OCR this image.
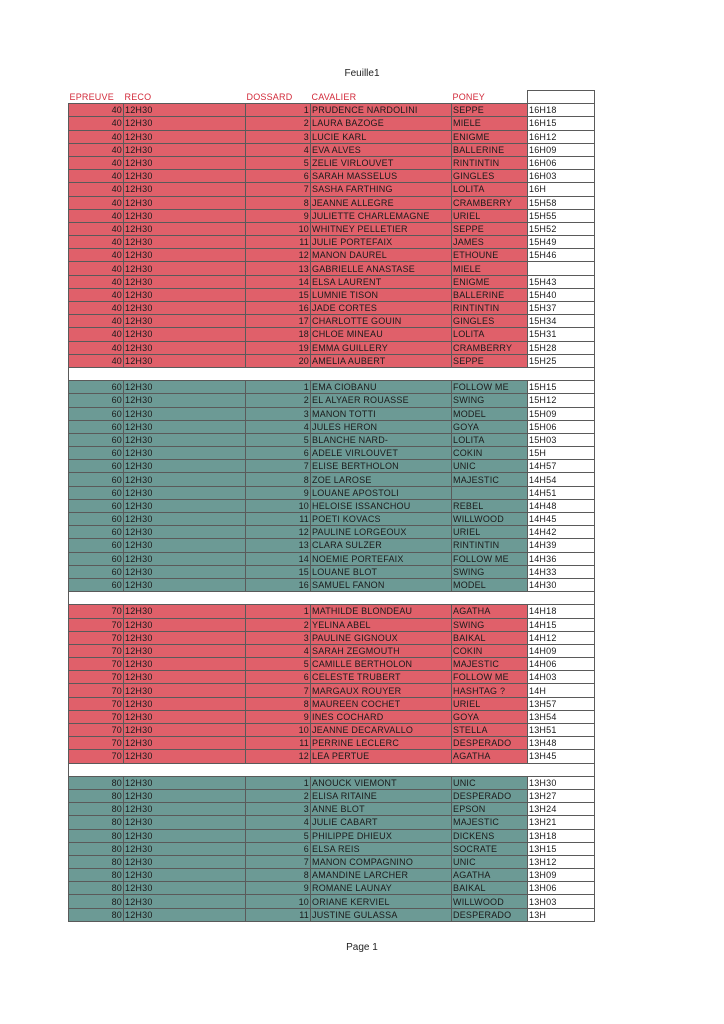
Feuille1
EPREUVE	RECO	DOSSARD	CAVALIER	PONEY	
40	12H30	1	PRUDENCE NARDOLINI	SEPPE	16H18
40	12H30	2	LAURA BAZOGE	MIELE	16H15
40	12H30	3	LUCIE KARL	ENIGME	16H12
40	12H30	4	EVA ALVES	BALLERINE	16H09
40	12H30	5	ZELIE VIRLOUVET	RINTINTIN	16H06
40	12H30	6	SARAH MASSELUS	GINGLES	16H03
40	12H30	7	SASHA FARTHING	LOLITA	16H
40	12H30	8	JEANNE ALLEGRE	CRAMBERRY	15H58
40	12H30	9	JULIETTE CHARLEMAGNE	URIEL	15H55
40	12H30	10	WHITNEY PELLETIER	SEPPE	15H52
40	12H30	11	JULIE PORTEFAIX	JAMES	15H49
40	12H30	12	MANON DAUREL	ETHOUNE	15H46
40	12H30	13	GABRIELLE ANASTASE	MIELE	
40	12H30	14	ELSA LAURENT	ENIGME	15H43
40	12H30	15	LUMNIE TISON	BALLERINE	15H40
40	12H30	16	JADE CORTES	RINTINTIN	15H37
40	12H30	17	CHARLOTTE GOUIN	GINGLES	15H34
40	12H30	18	CHLOE MINEAU	LOLITA	15H31
40	12H30	19	EMMA GUILLERY	CRAMBERRY	15H28
40	12H30	20	AMELIA AUBERT	SEPPE	15H25

60	12H30	1	EMA CIOBANU	FOLLOW ME	15H15
60	12H30	2	EL ALYAER ROUASSE	SWING	15H12
60	12H30	3	MANON TOTTI	MODEL	15H09
60	12H30	4	JULES HERON	GOYA	15H06
60	12H30	5	BLANCHE NARD-	LOLITA	15H03
60	12H30	6	ADELE VIRLOUVET	COKIN	15H
60	12H30	7	ELISE BERTHOLON	UNIC	14H57
60	12H30	8	ZOE LAROSE	MAJESTIC	14H54
60	12H30	9	LOUANE APOSTOLI		14H51
60	12H30	10	HELOISE ISSANCHOU	REBEL	14H48
60	12H30	11	POETI KOVACS	WILLWOOD	14H45
60	12H30	12	PAULINE LORGEOUX	URIEL	14H42
60	12H30	13	CLARA SULZER	RINTINTIN	14H39
60	12H30	14	NOEMIE PORTEFAIX	FOLLOW ME	14H36
60	12H30	15	LOUANE BLOT	SWING	14H33
60	12H30	16	SAMUEL FANON	MODEL	14H30

70	12H30	1	MATHILDE BLONDEAU	AGATHA	14H18
70	12H30	2	YELINA ABEL	SWING	14H15
70	12H30	3	PAULINE GIGNOUX	BAIKAL	14H12
70	12H30	4	SARAH ZEGMOUTH	COKIN	14H09
70	12H30	5	CAMILLE BERTHOLON	MAJESTIC	14H06
70	12H30	6	CELESTE TRUBERT	FOLLOW ME	14H03
70	12H30	7	MARGAUX ROUYER	HASHTAG ?	14H
70	12H30	8	MAUREEN COCHET	URIEL	13H57
70	12H30	9	INES COCHARD	GOYA	13H54
70	12H30	10	JEANNE DECARVALLO	STELLA	13H51
70	12H30	11	PERRINE LECLERC	DESPERADO	13H48
70	12H30	12	LEA PERTUE	AGATHA	13H45

80	12H30	1	ANOUCK VIEMONT	UNIC	13H30
80	12H30	2	ELISA RITAINE	DESPERADO	13H27
80	12H30	3	ANNE BLOT	EPSON	13H24
80	12H30	4	JULIE CABART	MAJESTIC	13H21
80	12H30	5	PHILIPPE DHIEUX	DICKENS	13H18
80	12H30	6	ELSA REIS	SOCRATE	13H15
80	12H30	7	MANON COMPAGNINO	UNIC	13H12
80	12H30	8	AMANDINE LARCHER	AGATHA	13H09
80	12H30	9	ROMANE LAUNAY	BAIKAL	13H06
80	12H30	10	ORIANE KERVIEL	WILLWOOD	13H03
80	12H30	11	JUSTINE GULASSA	DESPERADO	13H
Page 1
